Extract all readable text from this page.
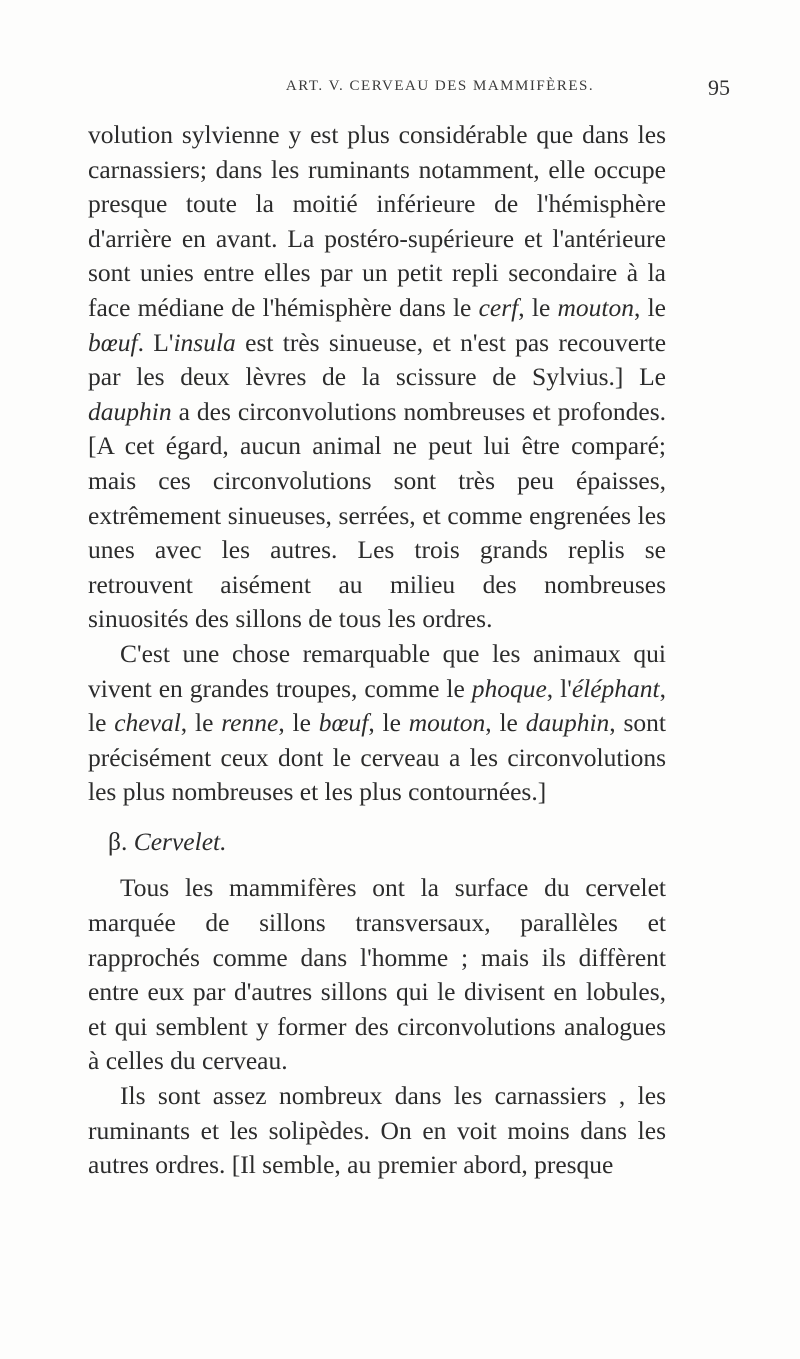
ART. V. CERVEAU DES MAMMIFÈRES.	95

volution sylvienne y est plus considérable que dans les carnassiers; dans les ruminants notamment, elle occupe presque toute la moitié inférieure de l'hémisphère d'arrière en avant. La postéro-supérieure et l'antérieure sont unies entre elles par un petit repli secondaire à la face médiane de l'hémisphère dans le cerf, le mouton, le bœuf. L'insula est très sinueuse, et n'est pas recouverte par les deux lèvres de la scissure de Sylvius.] Le dauphin a des circonvolutions nombreuses et profondes. [A cet égard, aucun animal ne peut lui être comparé; mais ces circonvolutions sont très peu épaisses, extrêmement sinueuses, serrées, et comme engrenées les unes avec les autres. Les trois grands replis se retrouvent aisément au milieu des nombreuses sinuosités des sillons de tous les ordres.

C'est une chose remarquable que les animaux qui vivent en grandes troupes, comme le phoque, l'éléphant, le cheval, le renne, le bœuf, le mouton, le dauphin, sont précisément ceux dont le cerveau a les circonvolutions les plus nombreuses et les plus contournées.]

β. Cervelet.

Tous les mammifères ont la surface du cervelet marquée de sillons transversaux, parallèles et rapprochés comme dans l'homme ; mais ils diffèrent entre eux par d'autres sillons qui le divisent en lobules, et qui semblent y former des circonvolutions analogues à celles du cerveau.

Ils sont assez nombreux dans les carnassiers , les ruminants et les solipèdes. On en voit moins dans les autres ordres. [Il semble, au premier abord, presque
